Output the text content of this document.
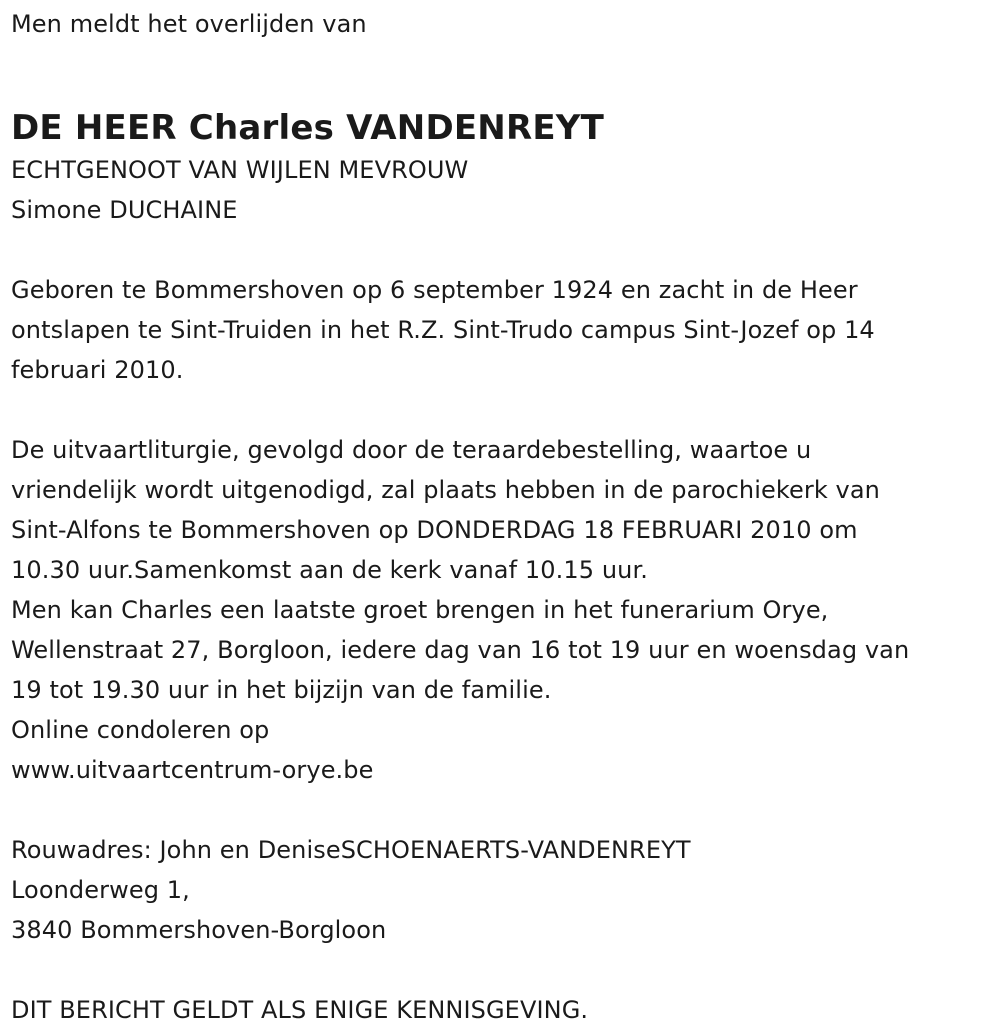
Men meldt het overlijden van
DE HEER Charles VANDENREYT
ECHTGENOOT VAN WIJLEN MEVROUW
Simone DUCHAINE
Geboren te Bommershoven op 6 september 1924 en zacht in de Heer
ontslapen te Sint-Truiden in het R.Z. Sint-Trudo campus Sint-Jozef op 14
februari 2010.
De uitvaartliturgie, gevolgd door de teraardebestelling, waartoe u
vriendelijk wordt uitgenodigd, zal plaats hebben in de parochiekerk van
Sint-Alfons te Bommershoven op DONDERDAG 18 FEBRUARI 2010 om
10.30 uur.Samenkomst aan de kerk vanaf 10.15 uur.
Men kan Charles een laatste groet brengen in het funerarium Orye,
Wellenstraat 27, Borgloon, iedere dag van 16 tot 19 uur en woensdag van
19 tot 19.30 uur in het bijzijn van de familie.
Online condoleren op
www.uitvaartcentrum-orye.be
Rouwadres: John en DeniseSCHOENAERTS-VANDENREYT
Loonderweg 1,
3840 Bommershoven-Borgloon
DIT BERICHT GELDT ALS ENIGE KENNISGEVING.
